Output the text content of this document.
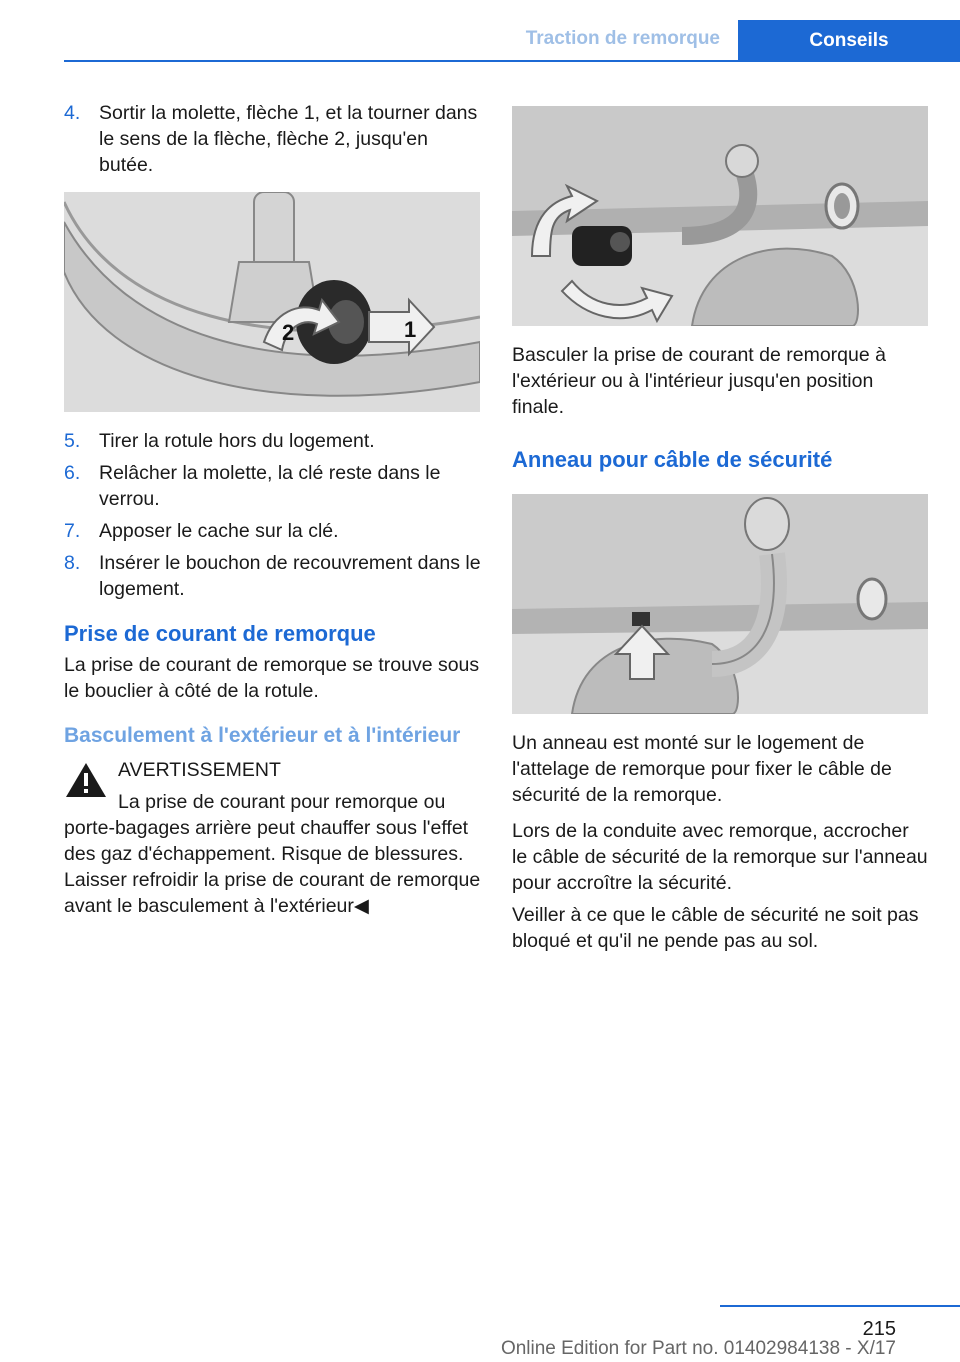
Traction de remorque	Conseils
4. Sortir la molette, flèche 1, et la tourner dans le sens de la flèche, flèche 2, jusqu'en butée.
1
2
5. Tirer la rotule hors du logement.
6. Relâcher la molette, la clé reste dans le verrou.
7. Apposer le cache sur la clé.
8. Insérer le bouchon de recouvrement dans le logement.
Prise de courant de remorque

La prise de courant de remorque se trouve sous le bouclier à côté de la rotule.

Basculement à l'extérieur et à l'intérieur

AVERTISSEMENT

La prise de courant pour remorque ou porte-bagages arrière peut chauffer sous l'effet des gaz d'échappement. Risque de blessures. Laisser refroidir la prise de courant de remorque avant le basculement à l'extérieur◀

Basculer la prise de courant de remorque à l'extérieur ou à l'intérieur jusqu'en position finale.

Anneau pour câble de sécurité

Un anneau est monté sur le logement de l'attelage de remorque pour fixer le câble de sécurité de la remorque.

Lors de la conduite avec remorque, accrocher le câble de sécurité de la remorque sur l'anneau pour accroître la sécurité.

Veiller à ce que le câble de sécurité ne soit pas bloqué et qu'il ne pende pas au sol.

215
Online Edition for Part no. 01402984138 - X/17
